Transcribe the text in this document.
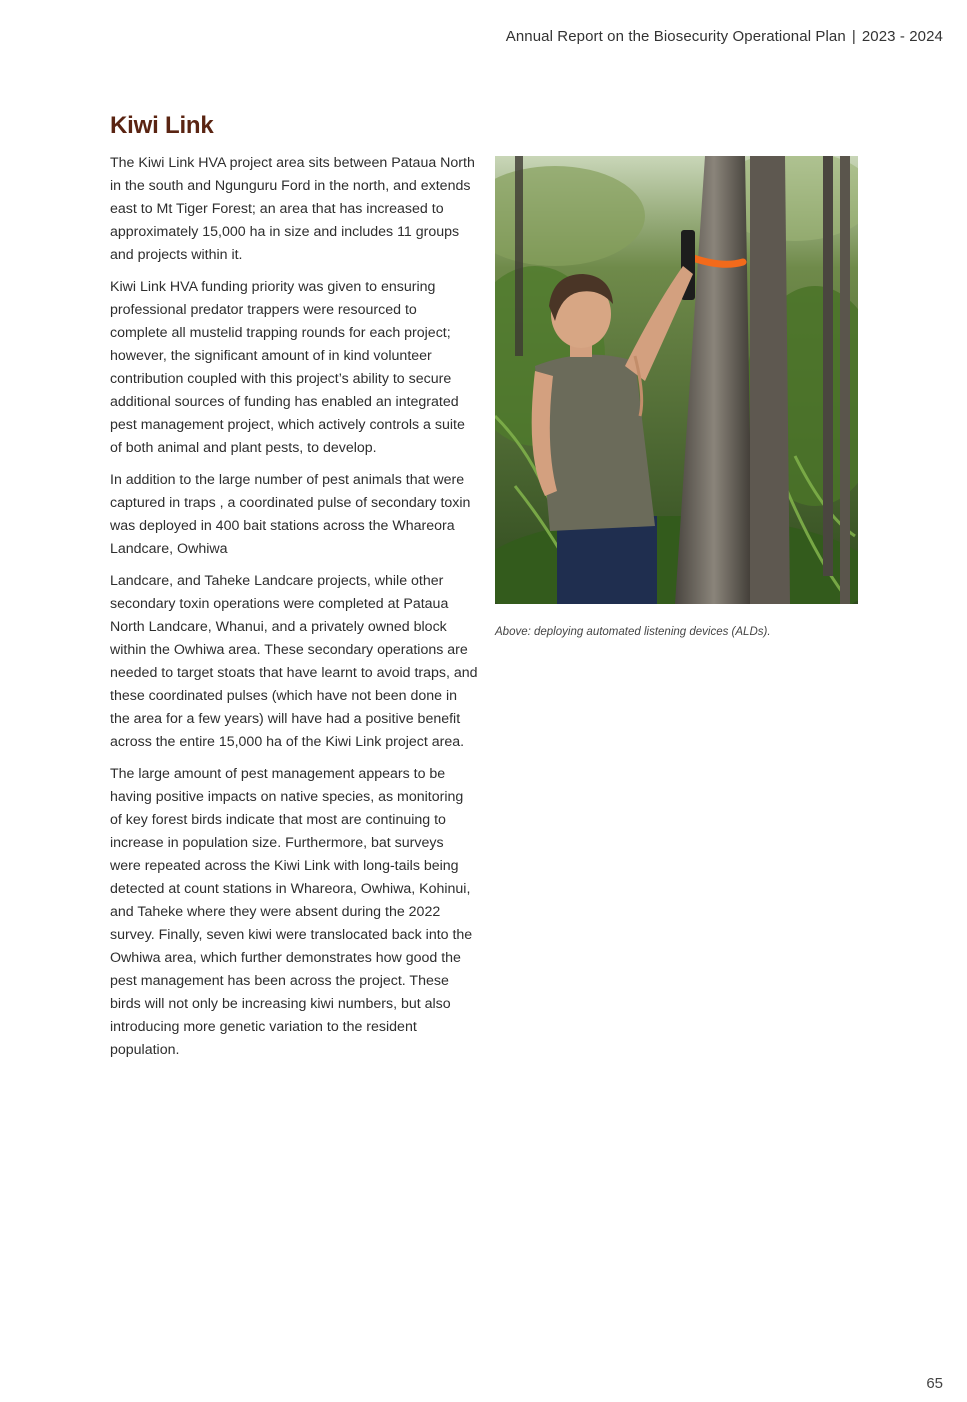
Annual Report on the Biosecurity Operational Plan | 2023 - 2024
Kiwi Link

The Kiwi Link HVA project area sits between Pataua North in the south and Ngunguru Ford in the north, and extends east to Mt Tiger Forest; an area that has increased to approximately 15,000 ha in size and includes 11 groups and projects within it.

Kiwi Link HVA funding priority was given to ensuring professional predator trappers were resourced to complete all mustelid trapping rounds for each project; however, the significant amount of in kind volunteer contribution coupled with this project’s ability to secure additional sources of funding has enabled an integrated pest management project, which actively controls a suite of both animal and plant pests, to develop.

In addition to the large number of pest animals that were captured in traps , a coordinated pulse of secondary toxin was deployed in 400 bait stations across the Whareora Landcare, Owhiwa

Landcare, and Taheke Landcare projects, while other secondary toxin operations were completed at Pataua North Landcare, Whanui, and a privately owned block within the Owhiwa area. These secondary operations are needed to target stoats that have learnt to avoid traps, and these coordinated pulses (which have not been done in the area for a few years) will have had a positive benefit across the entire 15,000 ha of the Kiwi Link project area.

The large amount of pest management appears to be having positive impacts on native species, as monitoring of key forest birds indicate that most are continuing to increase in population size. Furthermore, bat surveys were repeated across the Kiwi Link with long-tails being detected at count stations in Whareora, Owhiwa, Kohinui, and Taheke where they were absent during the 2022 survey. Finally, seven kiwi were translocated back into the Owhiwa area, which further demonstrates how good the pest management has been across the project. These birds will not only be increasing kiwi numbers, but also introducing more genetic variation to the resident population.

Above: deploying automated listening devices (ALDs).
65
